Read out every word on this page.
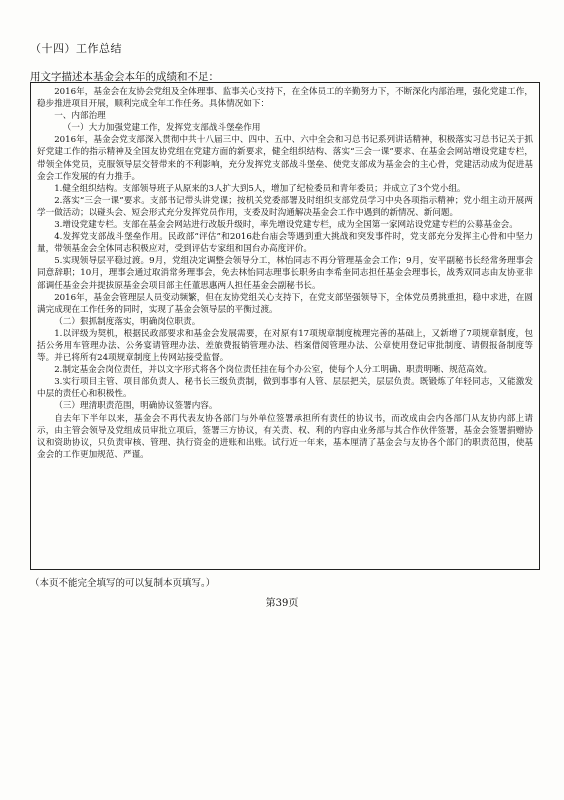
（十四）工作总结
用文字描述本基金会本年的成绩和不足：

2016年，基金会在友协会党组及全体理事、监事关心支持下，在全体员工的辛勤努力下，不断深化内部治理，强化党建工作，稳步推进项目开展，顺利完成全年工作任务。具体情况如下：

一、内部治理

（一）大力加强党建工作，发挥党支部战斗堡垒作用

2016年，基金会党支部深入贯彻中共十八届三中、四中、五中、六中全会和习总书记系列讲话精神，积极落实习总书记关于抓好党建工作的指示精神及全国友协党组在党建方面的新要求，健全组织结构、落实“三会一课”要求、在基金会网站增设党建专栏，带领全体党员，克服领导层交替带来的不利影响，充分发挥党支部战斗堡垒、使党支部成为基金会的主心骨，党建活动成为促进基金会工作发展的有力推手。

1.健全组织结构。支部领导班子从原来的3人扩大到5人，增加了纪检委员和青年委员；并成立了3个党小组。

2.落实“三会一课”要求。支部书记带头讲党课；按机关党委部署及时组织支部党员学习中央各项指示精神；党小组主动开展两学一做活动；以碰头会、短会形式充分发挥党员作用，支委及时沟通解决基金会工作中遇到的新情况、新问题。

3.增设党建专栏。支部在基金会网站进行改版升级时，率先增设党建专栏，成为全国第一家网站设党建专栏的公募基金会。

4.发挥党支部战斗堡垒作用。民政部“评估”和2016赴台庙会等遇到重大挑战和突发事件时，党支部充分发挥主心骨和中坚力量，带领基金会全体同志积极应对，受到评估专家组和国台办高度评价。

5.实现领导层平稳过渡。9月，党组决定调整会领导分工，林怡同志不再分管理基金会工作；9月，安平副秘书长经常务理事会同意辞职；10月，理事会通过取消常务理事会，免去林怡同志理事长职务由李希奎同志担任基金会理事长，战秀双同志由友协亚非部调任基金会并提拔原基金会项目部主任董思惠两人担任基金会副秘书长。

2016年，基金会管理层人员变动频繁，但在友协党组关心支持下，在党支部坚强领导下，全体党员勇挑重担，稳中求进，在圆满完成现在工作任务的同时，实现了基金会领导层的平衡过渡。

（二）狠抓制度落实，明确岗位职责。

1.以评级为契机，根据民政部要求和基金会发展需要，在对原有17项规章制度梳理完善的基础上，又新增了7项规章制度，包括公务用车管理办法、公务宴请管理办法、差旅费报销管理办法、档案借阅管理办法、公章使用登记审批制度、请假报备制度等等。并已将所有24项规章制度上传网站接受监督。

2.制定基金会岗位责任，并以文字形式将各个岗位责任挂在每个办公室，使每个人分工明确、职责明晰、规范高效。

3.实行项目主管、项目部负责人、秘书长三级负责制，做到事事有人管、层层把关，层层负责。既锻炼了年轻同志，又能激发中层的责任心和积极性。

（三）理清职责范围，明确协议签署内容。

自去年下半年以来，基金会不再代表友协各部门与外单位签署承担所有责任的协议书，而改成由会内各部门从友协内部上请示，由主管会领导及党组成员审批立项后，签署三方协议，有关责、权、利的内容由业务部与其合作伙伴签署，基金会签署捐赠协议和资助协议，只负责审核、管理、执行资金的进账和出账。试行近一年来，基本厘清了基金会与友协各个部门的职责范围，使基金会的工作更加规范、严谨。

（本页不能完全填写的可以复制本页填写。）
第39页
